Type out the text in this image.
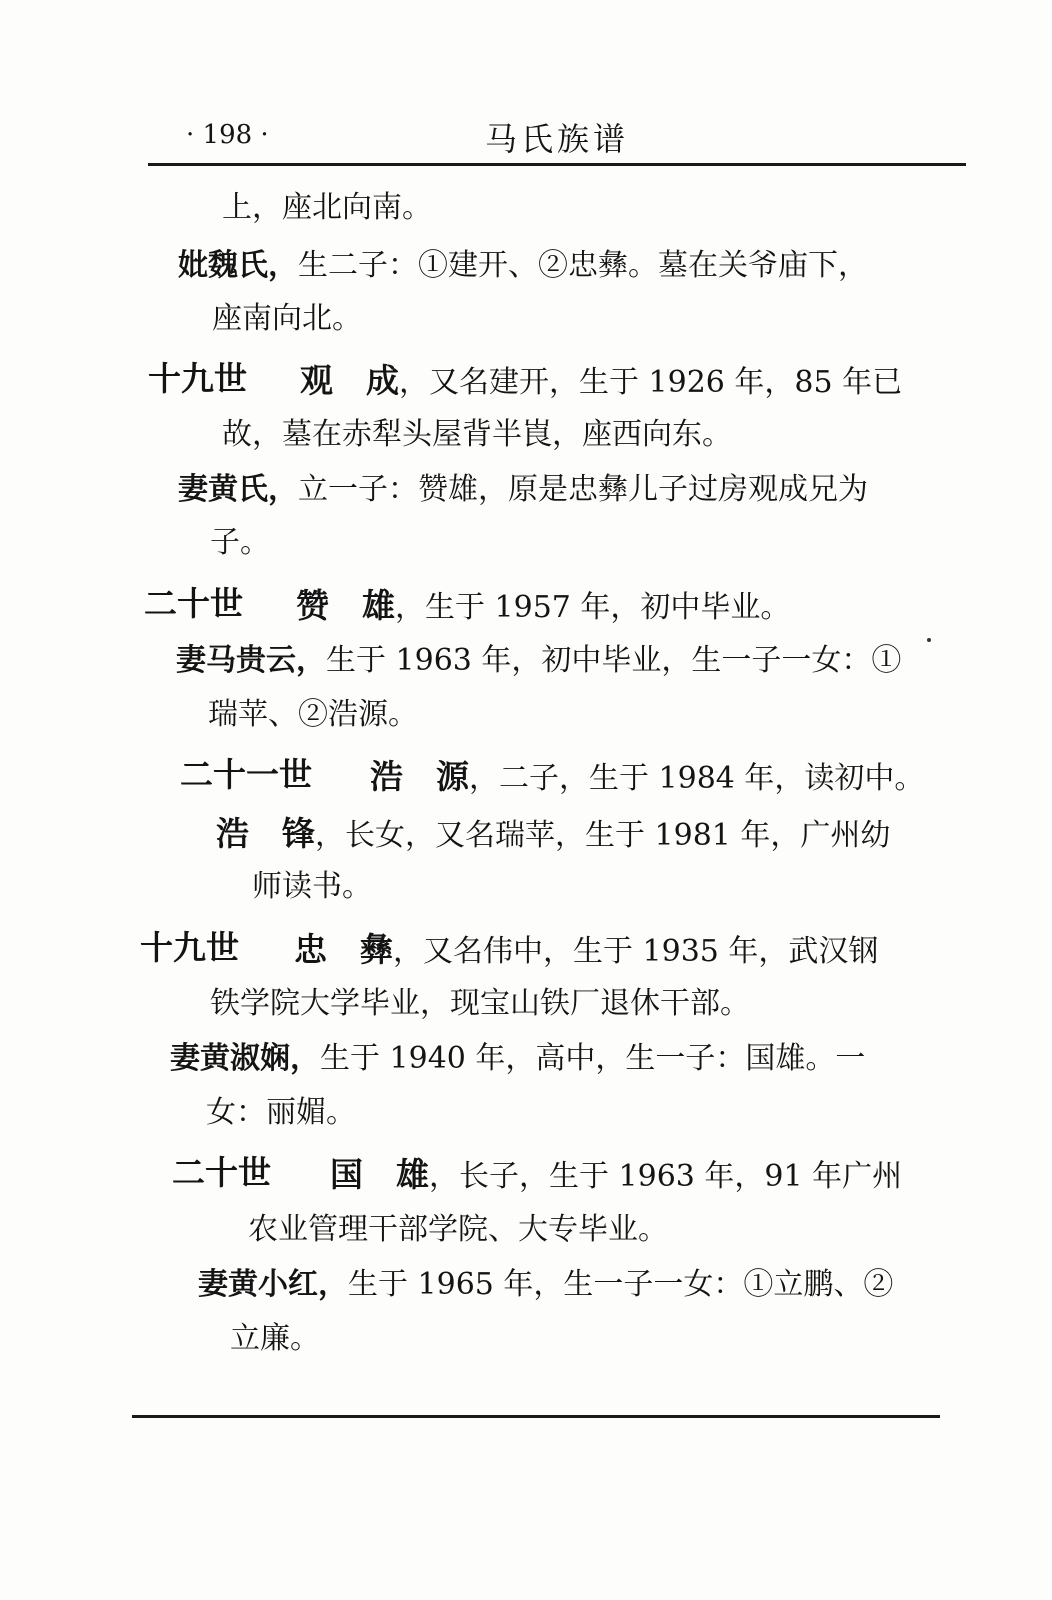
· 198 ·	马氏族谱
上，座北向南。
妣魏氏，生二子：①建开、②忠彝。墓在关爷庙下，
座南向北。
十九世 观　成，又名建开，生于 1926 年，85 年已
故，墓在赤犁头屋背半崀，座西向东。
妻黄氏，立一子：赞雄，原是忠彝儿子过房观成兄为
子。
二十世 赞　雄，生于 1957 年，初中毕业。
妻马贵云，生于 1963 年，初中毕业，生一子一女：①
瑞苹、②浩源。
二十一世 浩　源，二子，生于 1984 年，读初中。
浩　锋，长女，又名瑞苹，生于 1981 年，广州幼
师读书。
十九世 忠　彝，又名伟中，生于 1935 年，武汉钢
铁学院大学毕业，现宝山铁厂退休干部。
妻黄淑娴，生于 1940 年，高中，生一子：国雄。一
女：丽媚。
二十世 国　雄，长子，生于 1963 年，91 年广州
农业管理干部学院、大专毕业。
妻黄小红，生于 1965 年，生一子一女：①立鹏、②
立廉。
